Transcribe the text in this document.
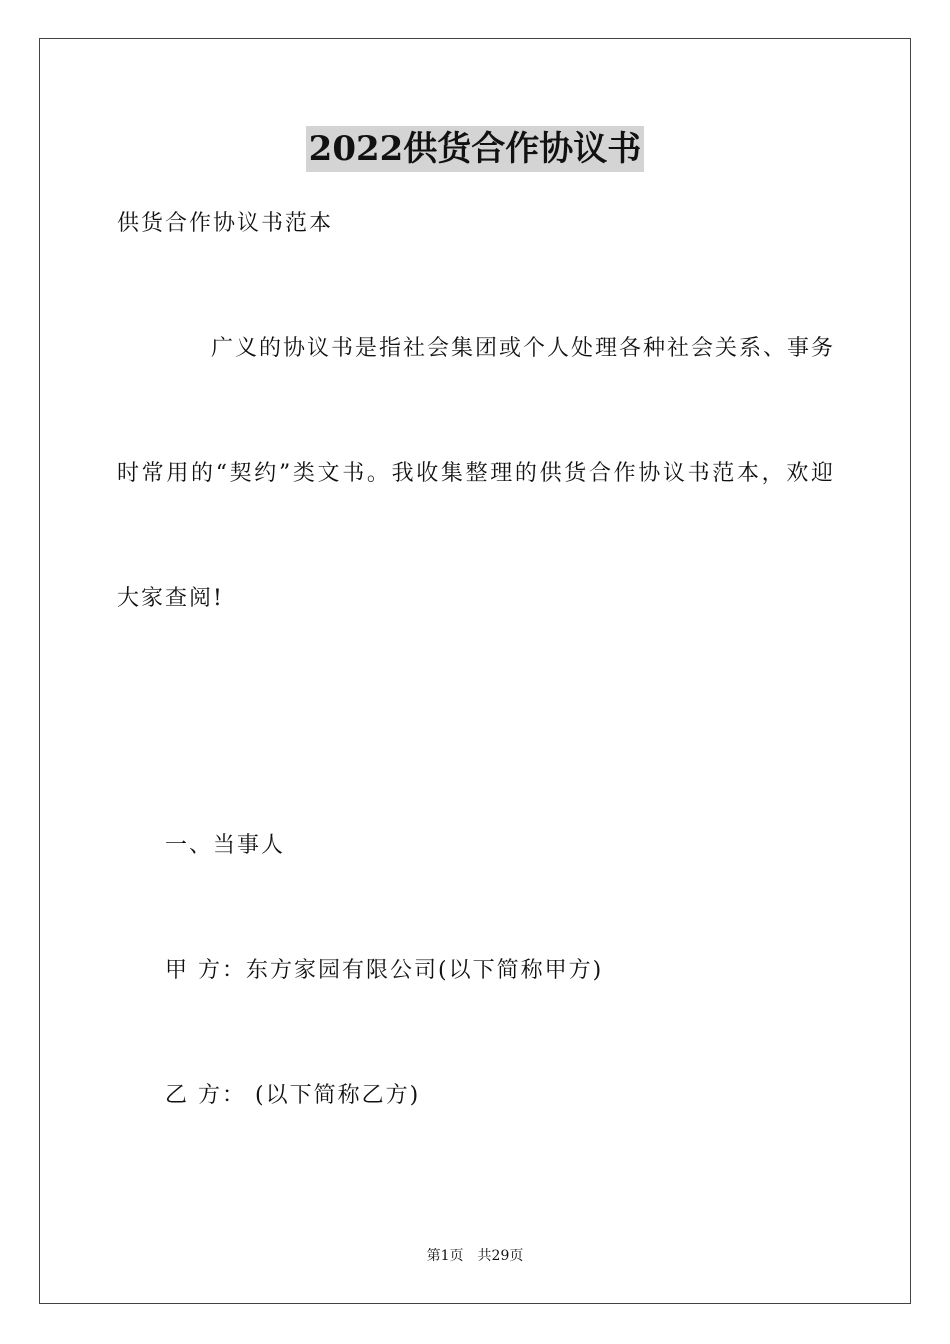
2022供货合作协议书
供货合作协议书范本
广义的协议书是指社会集团或个人处理各种社会关系、事务
时常用的“契约”类文书。我收集整理的供货合作协议书范本，欢迎
大家查阅!
一、当事人
甲 方：东方家园有限公司(以下简称甲方)
乙 方： (以下简称乙方)
第1页　共29页
